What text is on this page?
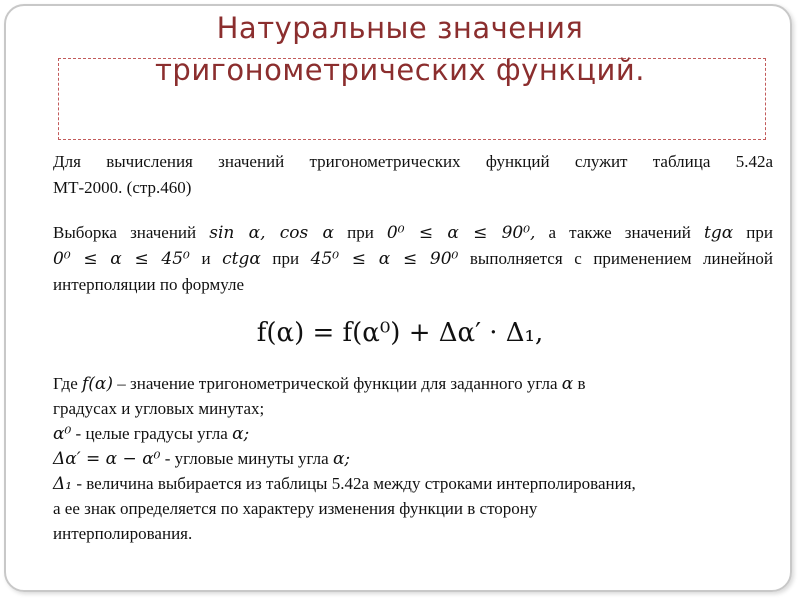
Натуральные значения
тригонометрических функций.
Для вычисления значений тригонометрических функций служит таблица 5.42а
МТ-2000. (стр.460)
Выборка значений sin α, cos α при 0⁰ ≤ α ≤ 90⁰, а также значений tgα при
0⁰ ≤ α ≤ 45⁰ и ctgα при 45⁰ ≤ α ≤ 90⁰ выполняется с применением линейной
интерполяции по формуле
f(α) = f(α⁰) + Δα′ · Δ₁,
Где f(α) – значение тригонометрической функции для заданного угла α в
градусах и угловых минутах;
α⁰ - целые градусы угла α;
Δα′ = α − α⁰ - угловые минуты угла α;
Δ₁ - величина выбирается из таблицы 5.42а между строками интерполирования,
а ее знак определяется по характеру изменения функции в сторону
интерполирования.
